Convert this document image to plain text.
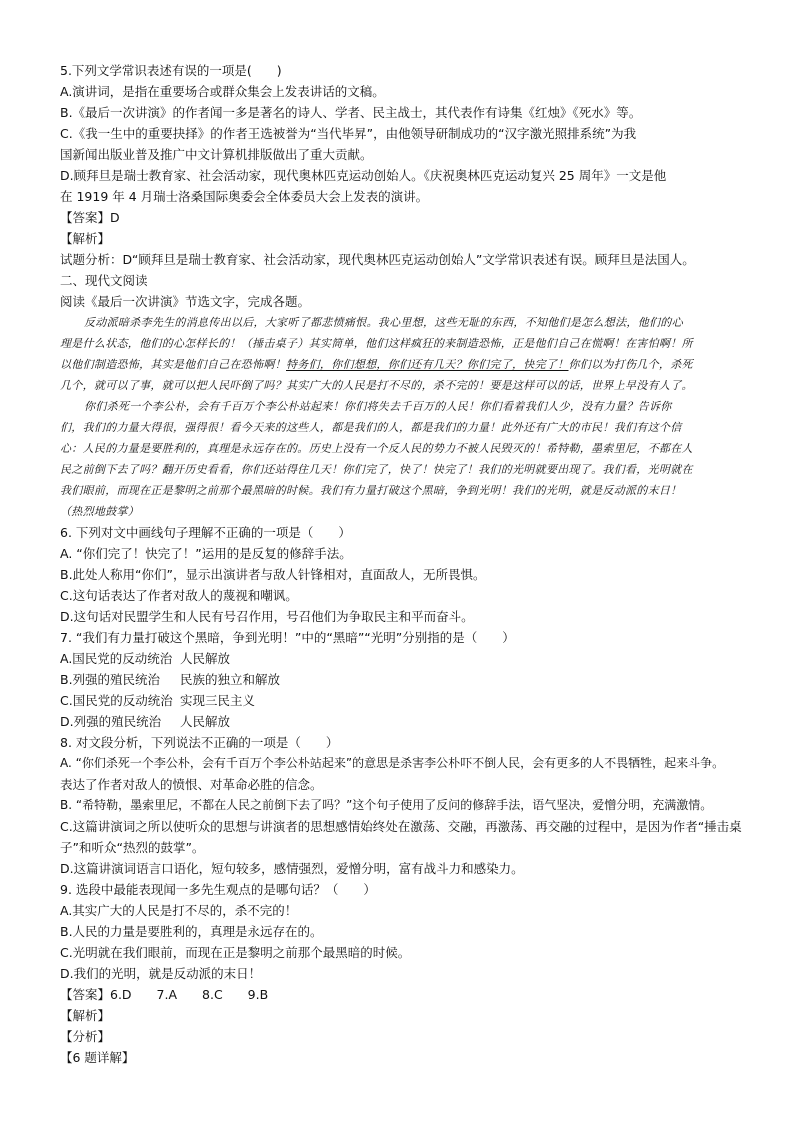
5.下列文学常识表述有误的一项是(　　)
A.演讲词，是指在重要场合或群众集会上发表讲话的文稿。
B.《最后一次讲演》的作者闻一多是著名的诗人、学者、民主战士，其代表作有诗集《红烛》《死水》等。
C.《我一生中的重要抉择》的作者王选被誉为“当代毕昇”，由他领导研制成功的“汉字激光照排系统”为我
国新闻出版业普及推广中文计算机排版做出了重大贡献。
D.顾拜旦是瑞士教育家、社会活动家，现代奥林匹克运动创始人。《庆祝奥林匹克运动复兴 25 周年》一文是他
在 1919 年 4 月瑞士洛桑国际奥委会全体委员大会上发表的演讲。
【答案】D
【解析】
试题分析：D“顾拜旦是瑞士教育家、社会活动家，现代奥林匹克运动创始人”文学常识表述有误。顾拜旦是法国人。
二、现代文阅读
阅读《最后一次讲演》节选文字，完成各题。
反动派暗杀李先生的消息传出以后，大家听了都悲愤痛恨。我心里想，这些无耻的东西，不知他们是怎么想法，他们的心
理是什么状态，他们的心怎样长的！（捶击桌子）其实简单，他们这样疯狂的来制造恐怖，正是他们自己在慌啊！在害怕啊！所
以他们制造恐怖，其实是他们自己在恐怖啊！特务们，你们想想，你们还有几天？你们完了，快完了！你们以为打伤几个，杀死
几个，就可以了事，就可以把人民吓倒了吗？其实广大的人民是打不尽的，杀不完的！要是这样可以的话，世界上早没有人了。
你们杀死一个李公朴，会有千百万个李公朴站起来！你们将失去千百万的人民！你们看着我们人少，没有力量？告诉你
们，我们的力量大得很，强得很！看今天来的这些人，都是我们的人，都是我们的力量！此外还有广大的市民！我们有这个信
心：人民的力量是要胜利的，真理是永远存在的。历史上没有一个反人民的势力不被人民毁灭的！希特勒，墨索里尼，不都在人
民之前倒下去了吗？翻开历史看看，你们还站得住几天！你们完了，快了！快完了！我们的光明就要出现了。我们看，光明就在
我们眼前，而现在正是黎明之前那个最黑暗的时候。我们有力量打破这个黑暗，争到光明！我们的光明，就是反动派的末日！
（热烈地鼓掌）
6. 下列对文中画线句子理解不正确的一项是（　　）
A. “你们完了！快完了！”运用的是反复的修辞手法。
B.此处人称用“你们”，显示出演讲者与敌人针锋相对，直面敌人，无所畏惧。
C.这句话表达了作者对敌人的蔑视和嘲讽。
D.这句话对民盟学生和人民有号召作用，号召他们为争取民主和平而奋斗。
7. “我们有力量打破这个黑暗，争到光明！”中的“黑暗”“光明”分别指的是（　　）
A.国民党的反动统治 人民解放
B.列强的殖民统治 民族的独立和解放
C.国民党的反动统治 实现三民主义
D.列强的殖民统治 人民解放
8. 对文段分析，下列说法不正确的一项是（　　）
A. “你们杀死一个李公朴，会有千百万个李公朴站起来”的意思是杀害李公朴吓不倒人民，会有更多的人不畏牺牲，起来斗争。
表达了作者对敌人的愤恨、对革命必胜的信念。
B. “希特勒，墨索里尼，不都在人民之前倒下去了吗？”这个句子使用了反问的修辞手法，语气坚决，爱憎分明，充满激情。
C.这篇讲演词之所以使听众的思想与讲演者的思想感情始终处在激荡、交融，再激荡、再交融的过程中，是因为作者“捶击桌
子”和听众“热烈的鼓掌”。
D.这篇讲演词语言口语化，短句较多，感情强烈，爱憎分明，富有战斗力和感染力。
9. 选段中最能表现闻一多先生观点的是哪句话？（　　）
A.其实广大的人民是打不尽的，杀不完的！
B.人民的力量是要胜利的，真理是永远存在的。
C.光明就在我们眼前，而现在正是黎明之前那个最黑暗的时候。
D.我们的光明，就是反动派的末日！
【答案】6.D　　7.A　　8.C　　9.B
【解析】
【分析】
【6 题详解】
